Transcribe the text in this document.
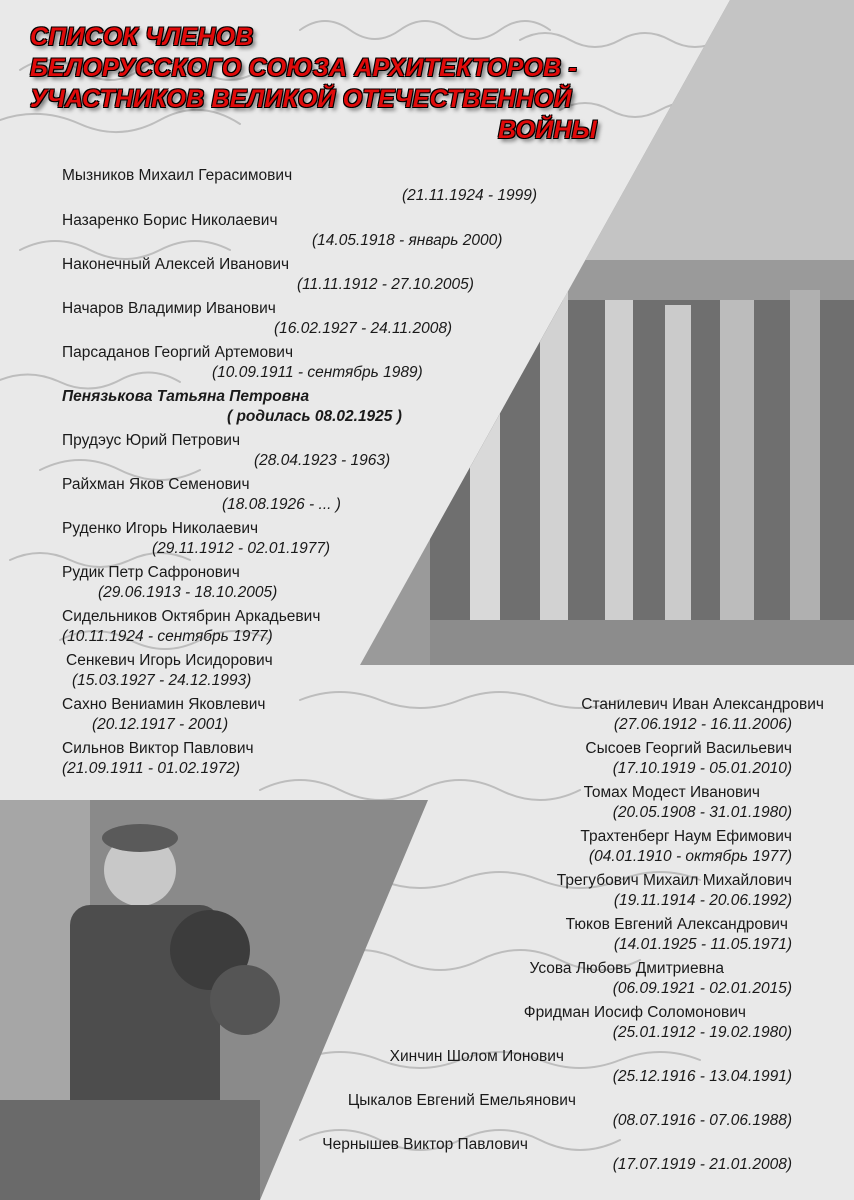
СПИСОК ЧЛЕНОВ
БЕЛОРУССКОГО СОЮЗА АРХИТЕКТОРОВ -
УЧАСТНИКОВ ВЕЛИКОЙ ОТЕЧЕСТВЕННОЙ
ВОЙНЫ
Мызников Михаил Герасимович
(21.11.1924 - 1999)
Назаренко Борис Николаевич
(14.05.1918 - январь 2000)
Наконечный Алексей Иванович
(11.11.1912 - 27.10.2005)
Начаров Владимир Иванович
(16.02.1927 - 24.11.2008)
Парсаданов Георгий Артемович
(10.09.1911 - сентябрь 1989)
Пенязькова Татьяна Петровна
( родилась 08.02.1925 )
Прудэус Юрий Петрович
(28.04.1923 - 1963)
Райхман Яков Семенович
(18.08.1926 - ... )
Руденко Игорь Николаевич
(29.11.1912 - 02.01.1977)
Рудик Петр Сафронович
(29.06.1913 - 18.10.2005)
Сидельников Октябрин Аркадьевич
(10.11.1924 - сентябрь 1977)
Сенкевич Игорь Исидорович
(15.03.1927 - 24.12.1993)
Сахно Вениамин Яковлевич
(20.12.1917 - 2001)
Сильнов Виктор Павлович
(21.09.1911 - 01.02.1972)
Станилевич Иван Александрович
(27.06.1912 - 16.11.2006)
Сысоев Георгий Васильевич
(17.10.1919 - 05.01.2010)
Томах Модест Иванович
(20.05.1908 - 31.01.1980)
Трахтенберг Наум Ефимович
(04.01.1910 - октябрь 1977)
Трегубович Михаил Михайлович
(19.11.1914 - 20.06.1992)
Тюков Евгений Александрович
(14.01.1925 - 11.05.1971)
Усова Любовь Дмитриевна
(06.09.1921 - 02.01.2015)
Фридман Иосиф Соломонович
(25.01.1912 - 19.02.1980)
Хинчин Шолом Ионович
(25.12.1916 - 13.04.1991)
Цыкалов Евгений Емельянович
(08.07.1916 - 07.06.1988)
Чернышев Виктор Павлович
(17.07.1919 - 21.01.2008)
